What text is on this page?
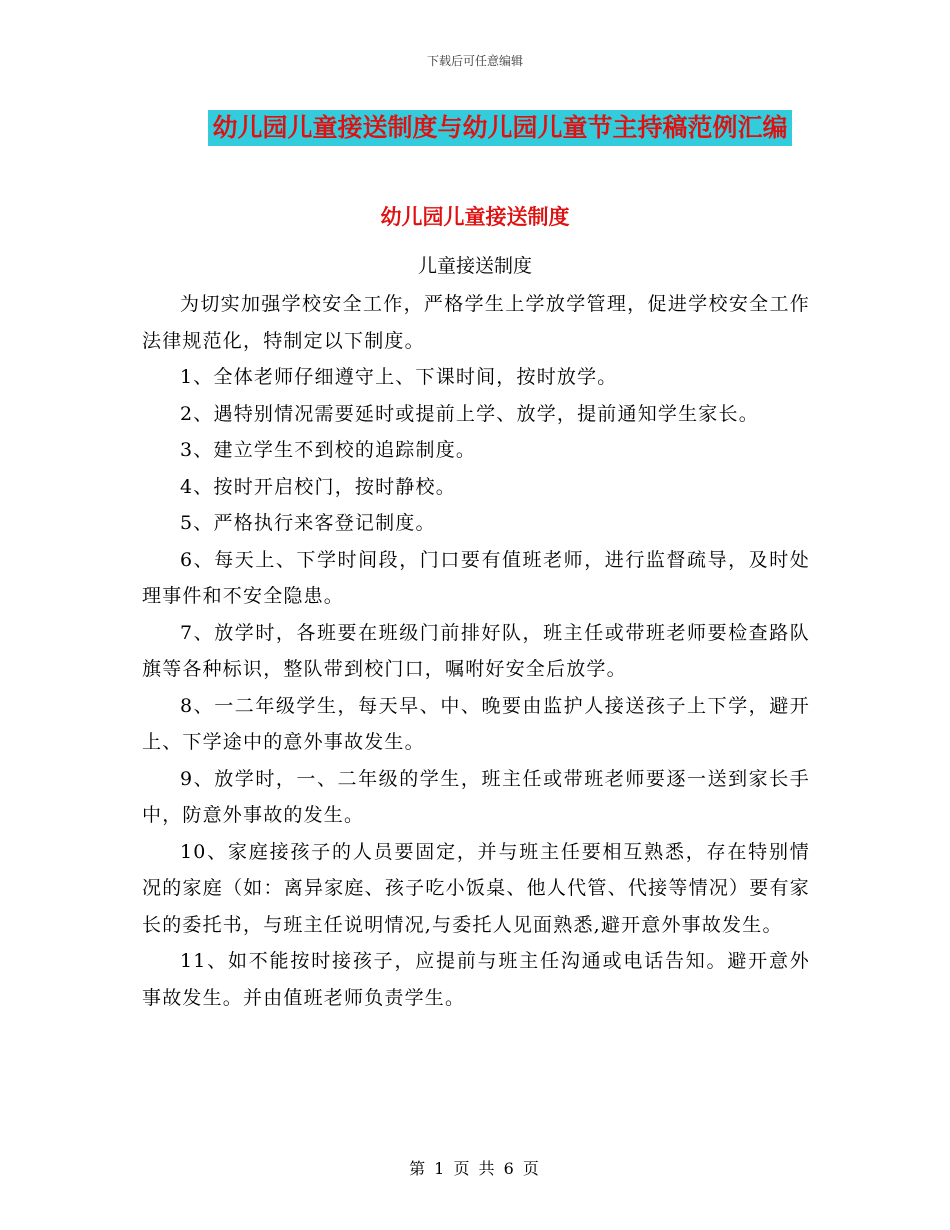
下载后可任意编辑
幼儿园儿童接送制度与幼儿园儿童节主持稿范例汇编
幼儿园儿童接送制度
儿童接送制度

为切实加强学校安全工作，严格学生上学放学管理，促进学校安全工作法律规范化，特制定以下制度。

1、全体老师仔细遵守上、下课时间，按时放学。

2、遇特别情况需要延时或提前上学、放学，提前通知学生家长。

3、建立学生不到校的追踪制度。

4、按时开启校门，按时静校。

5、严格执行来客登记制度。

6、每天上、下学时间段，门口要有值班老师，进行监督疏导，及时处理事件和不安全隐患。

7、放学时，各班要在班级门前排好队，班主任或带班老师要检查路队旗等各种标识，整队带到校门口，嘱咐好安全后放学。

8、一二年级学生，每天早、中、晚要由监护人接送孩子上下学，避开上、下学途中的意外事故发生。

9、放学时，一、二年级的学生，班主任或带班老师要逐一送到家长手中，防意外事故的发生。

10、家庭接孩子的人员要固定，并与班主任要相互熟悉，存在特别情况的家庭（如：离异家庭、孩子吃小饭桌、他人代管、代接等情况）要有家长的委托书，与班主任说明情况,与委托人见面熟悉,避开意外事故发生。

11、如不能按时接孩子，应提前与班主任沟通或电话告知。避开意外事故发生。并由值班老师负责学生。

第 1 页 共 6 页
